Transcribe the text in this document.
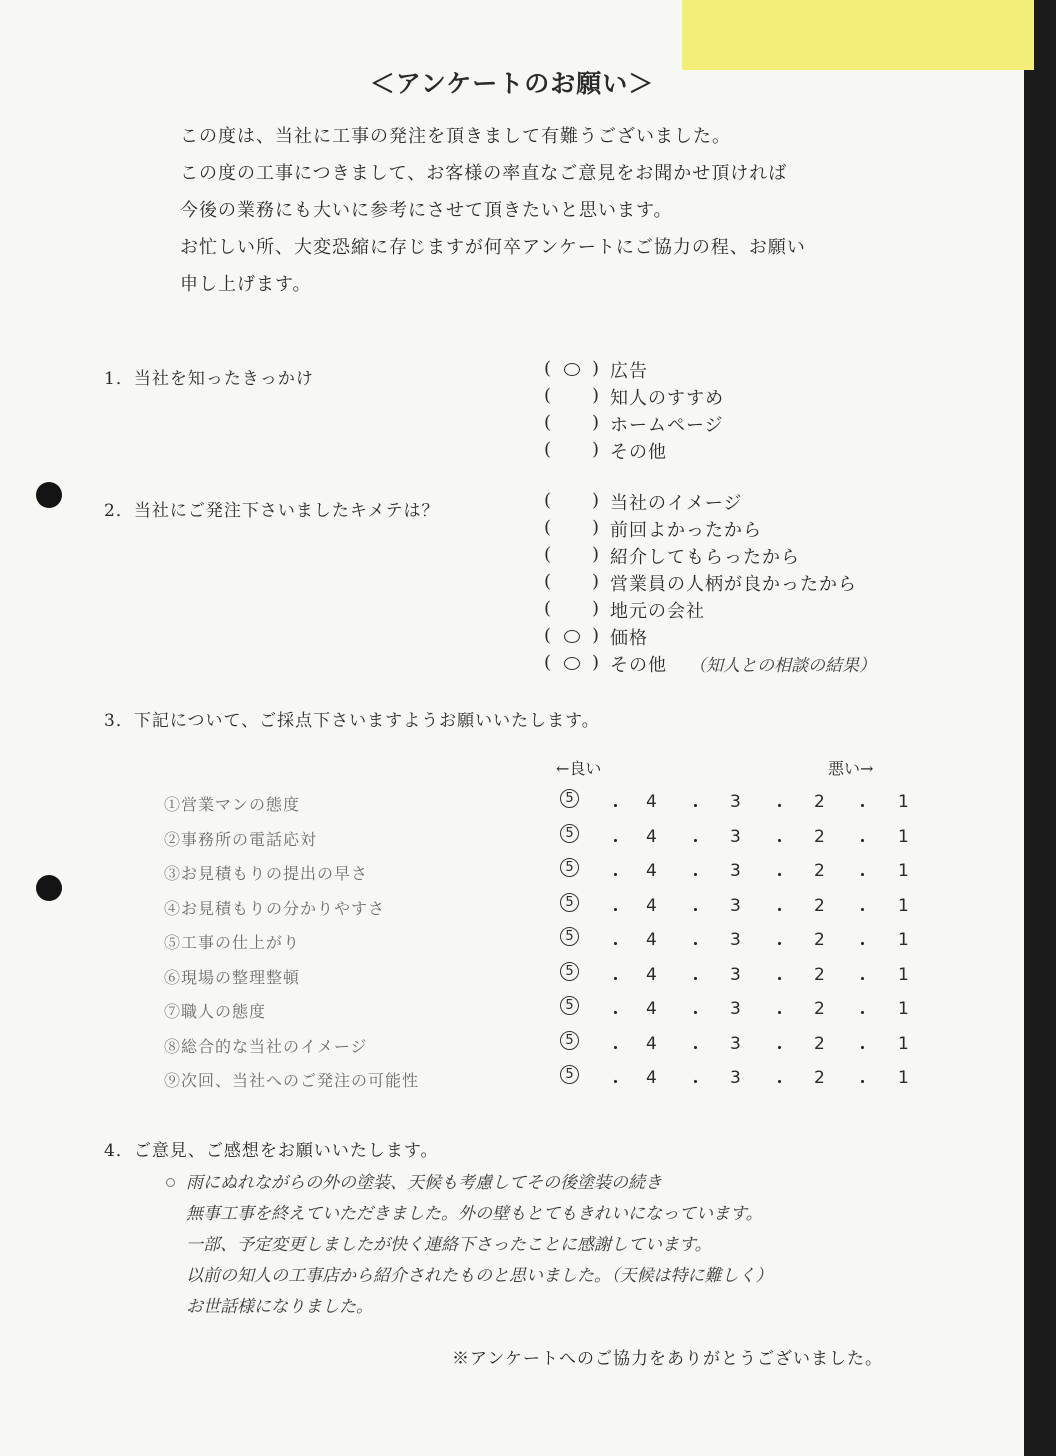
＜アンケートのお願い＞
この度は、当社に工事の発注を頂きまして有難うございました。
この度の工事につきまして、お客様の率直なご意見をお聞かせ頂ければ
今後の業務にも大いに参考にさせて頂きたいと思います。
お忙しい所、大変恐縮に存じますが何卒アンケートにご協力の程、お願い
申し上げます。
1．当社を知ったきっかけ
( ○ ) 広告
( ) 知人のすすめ
( ) ホームページ
( ) その他
2．当社にご発注下さいましたキメテは？
( ) 当社のイメージ
( ) 前回よかったから
( ) 紹介してもらったから
( ) 営業員の人柄が良かったから
( ) 地元の会社
( ○ ) 価格
( ○ ) その他 （知人との相談の結果）
3．下記について、ご採点下さいますようお願いいたします。
←良い	悪い→
①営業マンの態度	5	・ 4 ・ 3 ・ 2 ・ 1
②事務所の電話応対	5	・ 4 ・ 3 ・ 2 ・ 1
③お見積もりの提出の早さ	5	・ 4 ・ 3 ・ 2 ・ 1
④お見積もりの分かりやすさ	5	・ 4 ・ 3 ・ 2 ・ 1
⑤工事の仕上がり	5	・ 4 ・ 3 ・ 2 ・ 1
⑥現場の整理整頓	5	・ 4 ・ 3 ・ 2 ・ 1
⑦職人の態度	5	・ 4 ・ 3 ・ 2 ・ 1
⑧総合的な当社のイメージ	5	・ 4 ・ 3 ・ 2 ・ 1
⑨次回、当社へのご発注の可能性	5	・ 4 ・ 3 ・ 2 ・ 1
4．ご意見、ご感想をお願いいたします。
雨にぬれながらの外の塗装、天候も考慮してその後塗装の続き
無事工事を終えていただきました。外の壁もとてもきれいになっています。
一部、予定変更しましたが快く連絡下さったことに感謝しています。
以前の知人の工事店から紹介されたものと思いました。（天候は特に難しく）
お世話様になりました。
※アンケートへのご協力をありがとうございました。
